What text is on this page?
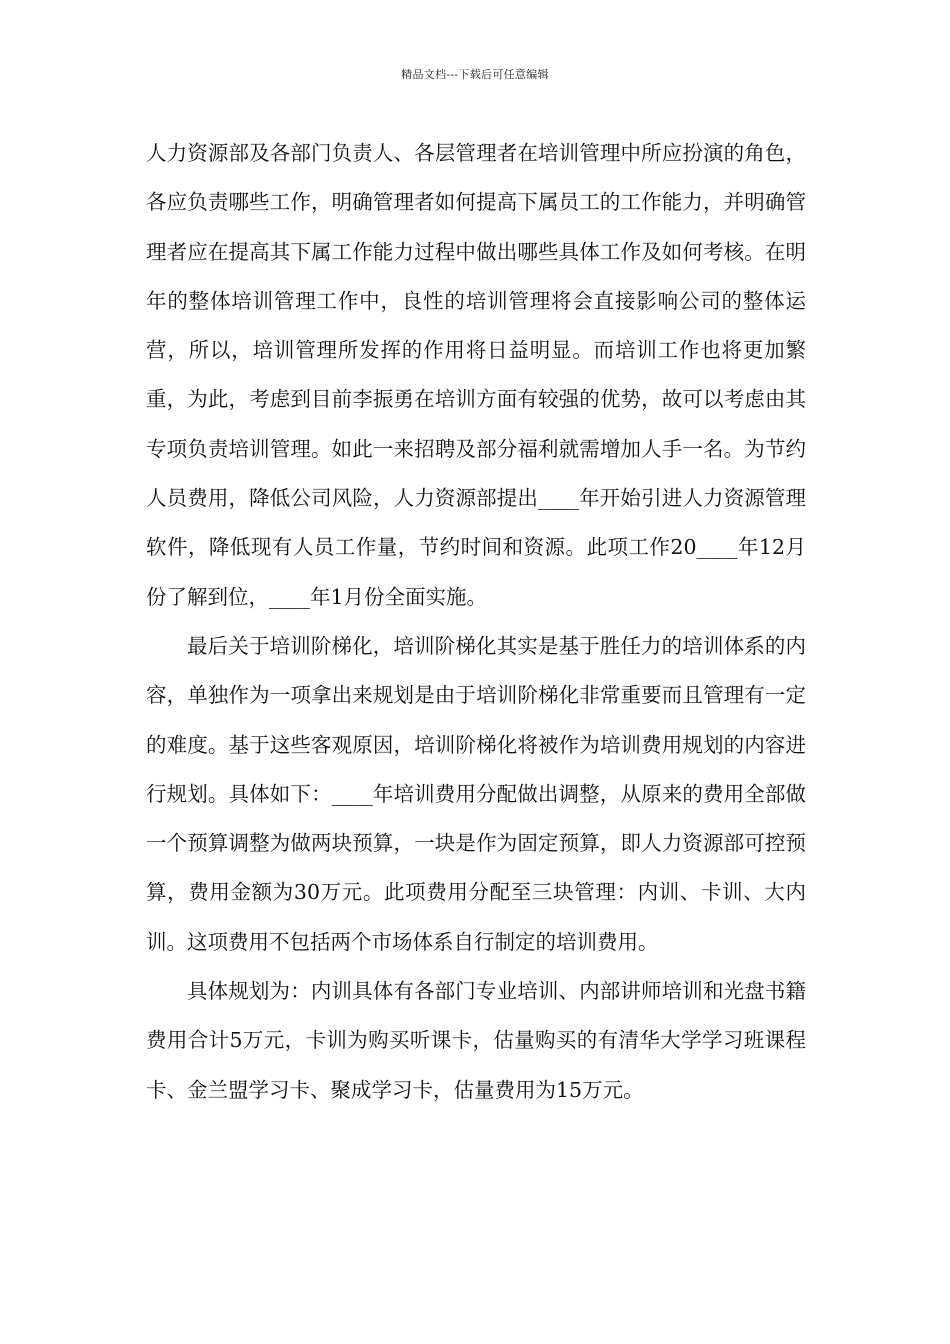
精品文档---下载后可任意编辑

人力资源部及各部门负责人、各层管理者在培训管理中所应扮演的角色，各应负责哪些工作，明确管理者如何提高下属员工的工作能力，并明确管理者应在提高其下属工作能力过程中做出哪些具体工作及如何考核。在明年的整体培训管理工作中，良性的培训管理将会直接影响公司的整体运营，所以，培训管理所发挥的作用将日益明显。而培训工作也将更加繁重，为此，考虑到目前李振勇在培训方面有较强的优势，故可以考虑由其专项负责培训管理。如此一来招聘及部分福利就需增加人手一名。为节约人员费用，降低公司风险，人力资源部提出____年开始引进人力资源管理软件，降低现有人员工作量，节约时间和资源。此项工作20____年12月份了解到位，____年1月份全面实施。

最后关于培训阶梯化，培训阶梯化其实是基于胜任力的培训体系的内容，单独作为一项拿出来规划是由于培训阶梯化非常重要而且管理有一定的难度。基于这些客观原因，培训阶梯化将被作为培训费用规划的内容进行规划。具体如下：____年培训费用分配做出调整，从原来的费用全部做一个预算调整为做两块预算，一块是作为固定预算，即人力资源部可控预算，费用金额为30万元。此项费用分配至三块管理：内训、卡训、大内训。这项费用不包括两个市场体系自行制定的培训费用。

具体规划为：内训具体有各部门专业培训、内部讲师培训和光盘书籍费用合计5万元，卡训为购买听课卡，估量购买的有清华大学学习班课程卡、金兰盟学习卡、聚成学习卡，估量费用为15万元。
